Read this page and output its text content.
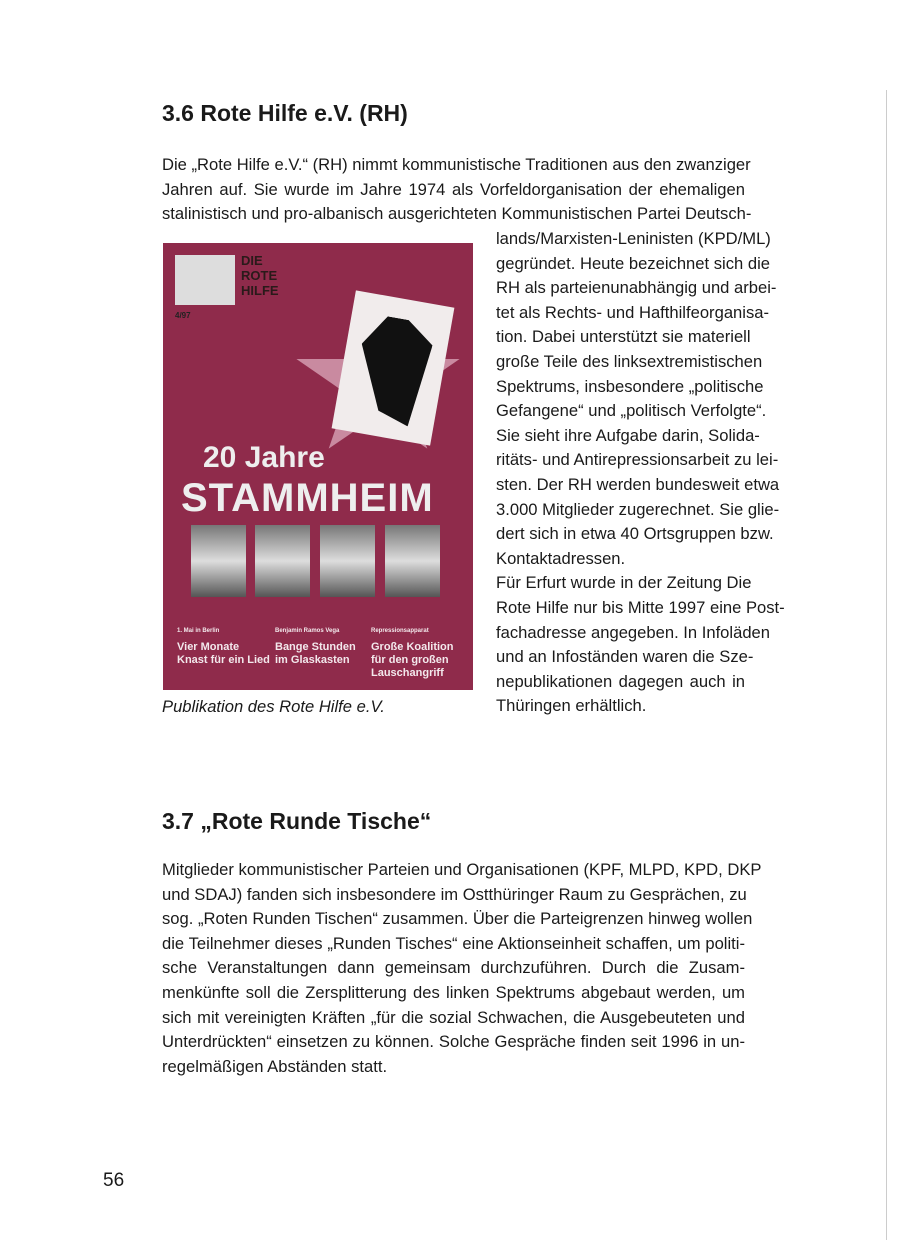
3.6 Rote Hilfe e.V. (RH)
Die „Rote Hilfe e.V.“ (RH) nimmt kommunistische Traditionen aus den zwanziger
Jahren auf. Sie wurde im Jahre 1974 als Vorfeldorganisation der ehemaligen
stalinistisch und pro-albanisch ausgerichteten Kommunistischen Partei Deutsch-
lands/Marxisten-Leninisten (KPD/ML)
gegründet. Heute bezeichnet sich die
RH als parteienunabhängig und arbei-
tet als Rechts- und Hafthilfeorganisa-
tion. Dabei unterstützt sie materiell
große Teile des linksextremistischen
Spektrums, insbesondere „politische
Gefangene“ und „politisch Verfolgte“.
Sie sieht ihre Aufgabe darin, Solida-
ritäts- und Antirepressionsarbeit zu lei-
sten. Der RH werden bundesweit etwa
3.000 Mitglieder zugerechnet. Sie glie-
dert sich in etwa 40 Ortsgruppen bzw.
Kontaktadressen.
Für Erfurt wurde in der Zeitung Die
Rote Hilfe nur bis Mitte 1997 eine Post-
fachadresse angegeben. In Infoläden
und an Infoständen waren die Sze-
nepublikationen dagegen auch in
Thüringen erhältlich.
DIE ROTE HILFE
4/97
20 Jahre
STAMMHEIM
1. Mai in Berlin
Vier Monate Knast für ein Lied
Benjamin Ramos Vega
Bange Stunden im Glaskasten
Repressionsapparat
Große Koalition für den großen Lauschangriff
Publikation des Rote Hilfe e.V.
3.7 „Rote Runde Tische“
Mitglieder kommunistischer Parteien und Organisationen (KPF, MLPD, KPD, DKP
und SDAJ) fanden sich insbesondere im Ostthüringer Raum zu Gesprächen, zu
sog. „Roten Runden Tischen“ zusammen. Über die Parteigrenzen hinweg wollen
die Teilnehmer dieses „Runden Tisches“ eine Aktionseinheit schaffen, um politi-
sche Veranstaltungen dann gemeinsam durchzuführen. Durch die Zusam-
menkünfte soll die Zersplitterung des linken Spektrums abgebaut werden, um
sich mit vereinigten Kräften „für die sozial Schwachen, die Ausgebeuteten und
Unterdrückten“ einsetzen zu können. Solche Gespräche finden seit 1996 in un-
regelmäßigen Abständen statt.
56
